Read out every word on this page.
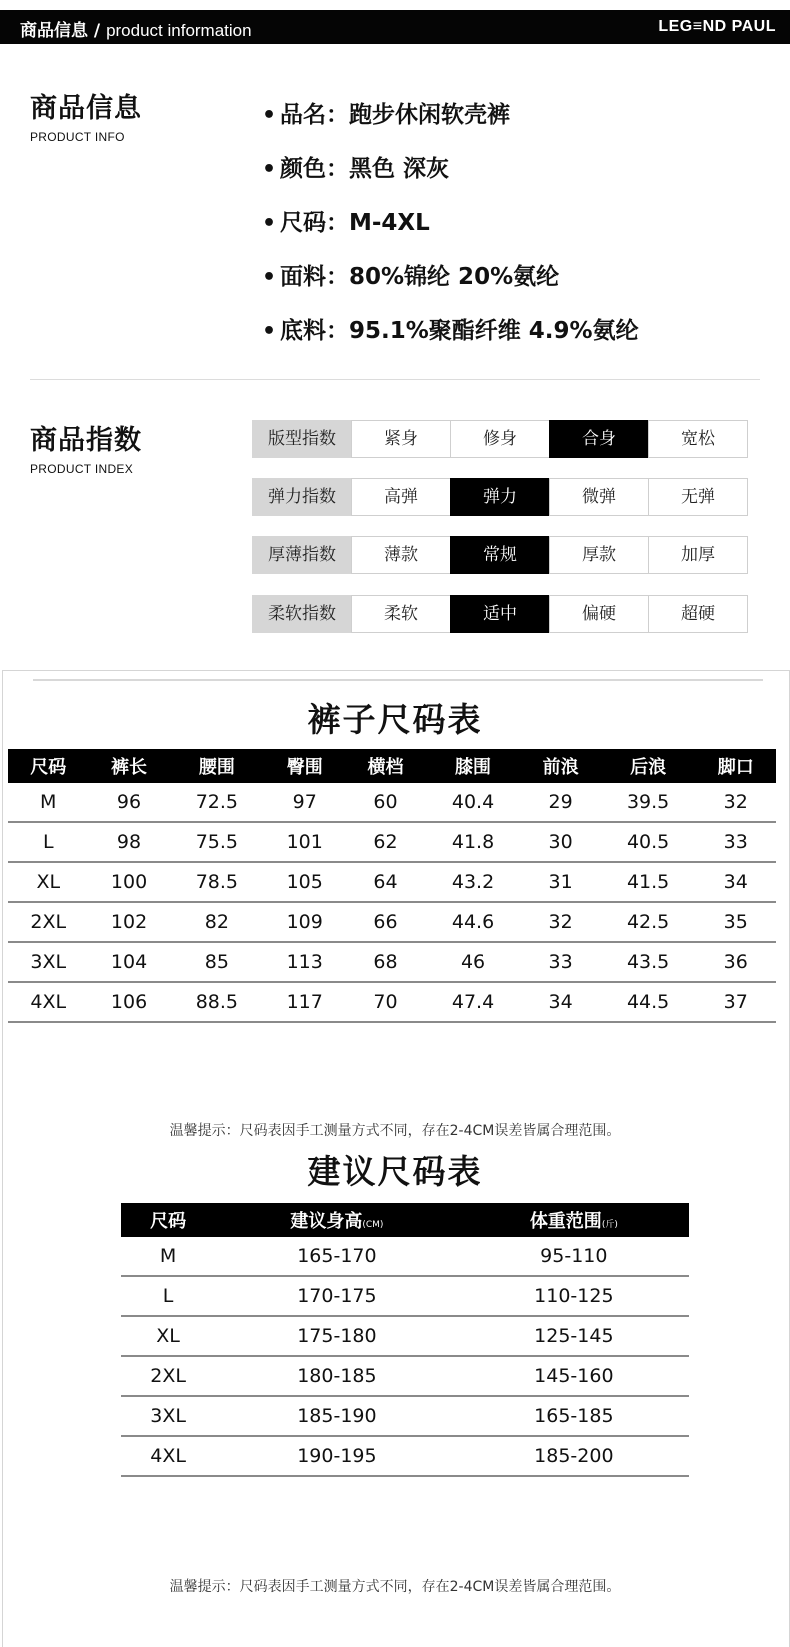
商品信息 / product information	LEG≡ND PAUL
商品信息
PRODUCT INFO
• 品名：跑步休闲软壳裤
• 颜色：黑色 深灰
• 尺码：M-4XL
• 面料：80%锦纶 20%氨纶
• 底料：95.1%聚酯纤维 4.9%氨纶
商品指数
PRODUCT INDEX
版型指数	紧身	修身	合身	宽松
弹力指数	高弹	弹力	微弹	无弹
厚薄指数	薄款	常规	厚款	加厚
柔软指数	柔软	适中	偏硬	超硬
裤子尺码表
尺码	裤长	腰围	臀围	横档	膝围	前浪	后浪	脚口
M	96	72.5	97	60	40.4	29	39.5	32
L	98	75.5	101	62	41.8	30	40.5	33
XL	100	78.5	105	64	43.2	31	41.5	34
2XL	102	82	109	66	44.6	32	42.5	35
3XL	104	85	113	68	46	33	43.5	36
4XL	106	88.5	117	70	47.4	34	44.5	37
温馨提示：尺码表因手工测量方式不同，存在2-4CM误差皆属合理范围。
建议尺码表
尺码	建议身高(CM)	体重范围(斤)
M	165-170	95-110
L	170-175	110-125
XL	175-180	125-145
2XL	180-185	145-160
3XL	185-190	165-185
4XL	190-195	185-200
温馨提示：尺码表因手工测量方式不同，存在2-4CM误差皆属合理范围。
